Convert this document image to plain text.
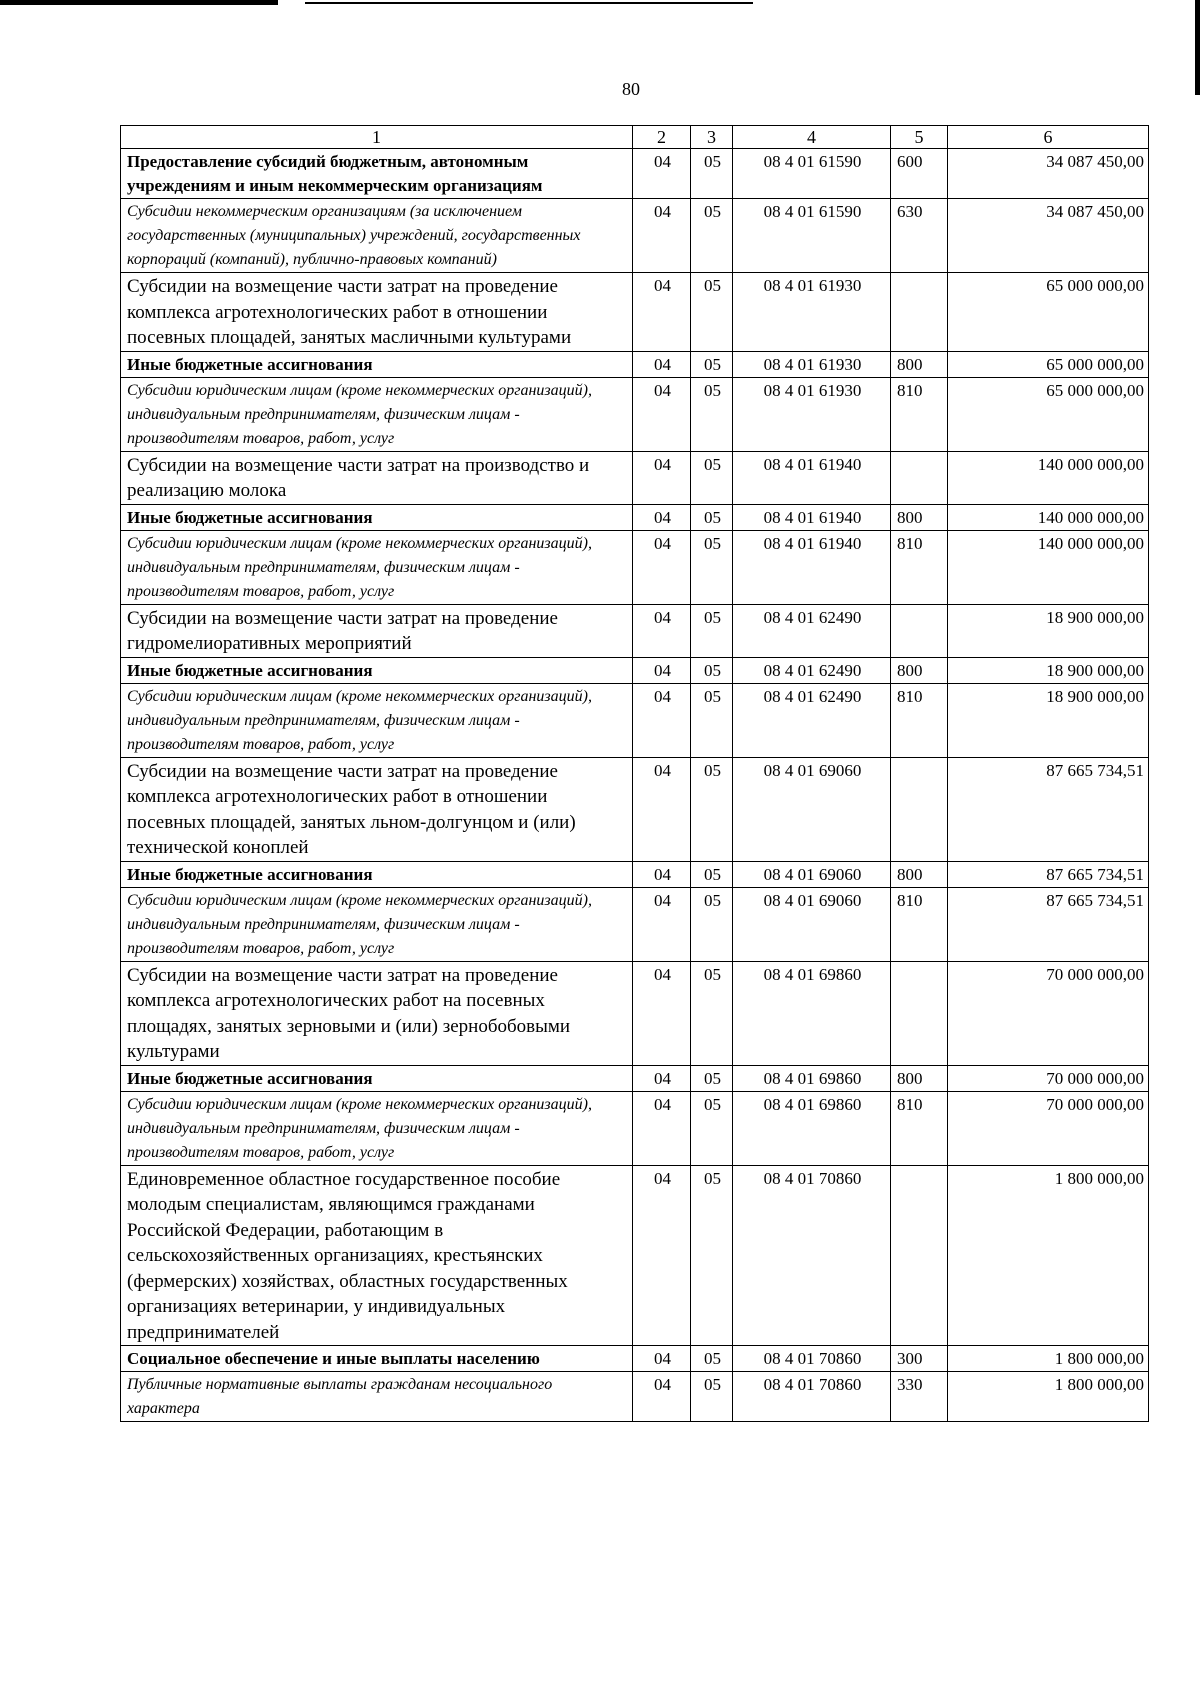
80
1	2	3	4	5	6
Предоставление субсидий бюджетным, автономным учреждениям и иным некоммерческим организациям	04	05	08 4 01 61590	600	34 087 450,00
Субсидии некоммерческим организациям (за исключением государственных (муниципальных) учреждений, государственных корпораций (компаний), публично-правовых компаний)	04	05	08 4 01 61590	630	34 087 450,00
Субсидии на возмещение части затрат на проведение комплекса агротехнологических работ в отношении посевных площадей, занятых масличными культурами	04	05	08 4 01 61930		65 000 000,00
Иные бюджетные ассигнования	04	05	08 4 01 61930	800	65 000 000,00
Субсидии юридическим лицам (кроме некоммерческих организаций), индивидуальным предпринимателям, физическим лицам - производителям товаров, работ, услуг	04	05	08 4 01 61930	810	65 000 000,00
Субсидии на возмещение части затрат на производство и реализацию молока	04	05	08 4 01 61940		140 000 000,00
Иные бюджетные ассигнования	04	05	08 4 01 61940	800	140 000 000,00
Субсидии юридическим лицам (кроме некоммерческих организаций), индивидуальным предпринимателям, физическим лицам - производителям товаров, работ, услуг	04	05	08 4 01 61940	810	140 000 000,00
Субсидии на возмещение части затрат на проведение гидромелиоративных мероприятий	04	05	08 4 01 62490		18 900 000,00
Иные бюджетные ассигнования	04	05	08 4 01 62490	800	18 900 000,00
Субсидии юридическим лицам (кроме некоммерческих организаций), индивидуальным предпринимателям, физическим лицам - производителям товаров, работ, услуг	04	05	08 4 01 62490	810	18 900 000,00
Субсидии на возмещение части затрат на проведение комплекса агротехнологических работ в отношении посевных площадей, занятых льном-долгунцом и (или) технической коноплей	04	05	08 4 01 69060		87 665 734,51
Иные бюджетные ассигнования	04	05	08 4 01 69060	800	87 665 734,51
Субсидии юридическим лицам (кроме некоммерческих организаций), индивидуальным предпринимателям, физическим лицам - производителям товаров, работ, услуг	04	05	08 4 01 69060	810	87 665 734,51
Субсидии на возмещение части затрат на проведение комплекса агротехнологических работ на посевных площадях, занятых зерновыми и (или) зернобобовыми культурами	04	05	08 4 01 69860		70 000 000,00
Иные бюджетные ассигнования	04	05	08 4 01 69860	800	70 000 000,00
Субсидии юридическим лицам (кроме некоммерческих организаций), индивидуальным предпринимателям, физическим лицам - производителям товаров, работ, услуг	04	05	08 4 01 69860	810	70 000 000,00
Единовременное областное государственное пособие молодым специалистам, являющимся гражданами Российской Федерации, работающим в сельскохозяйственных организациях, крестьянских (фермерских) хозяйствах, областных государственных организациях ветеринарии, у индивидуальных предпринимателей	04	05	08 4 01 70860		1 800 000,00
Социальное обеспечение и иные выплаты населению	04	05	08 4 01 70860	300	1 800 000,00
Публичные нормативные выплаты гражданам несоциального характера	04	05	08 4 01 70860	330	1 800 000,00
